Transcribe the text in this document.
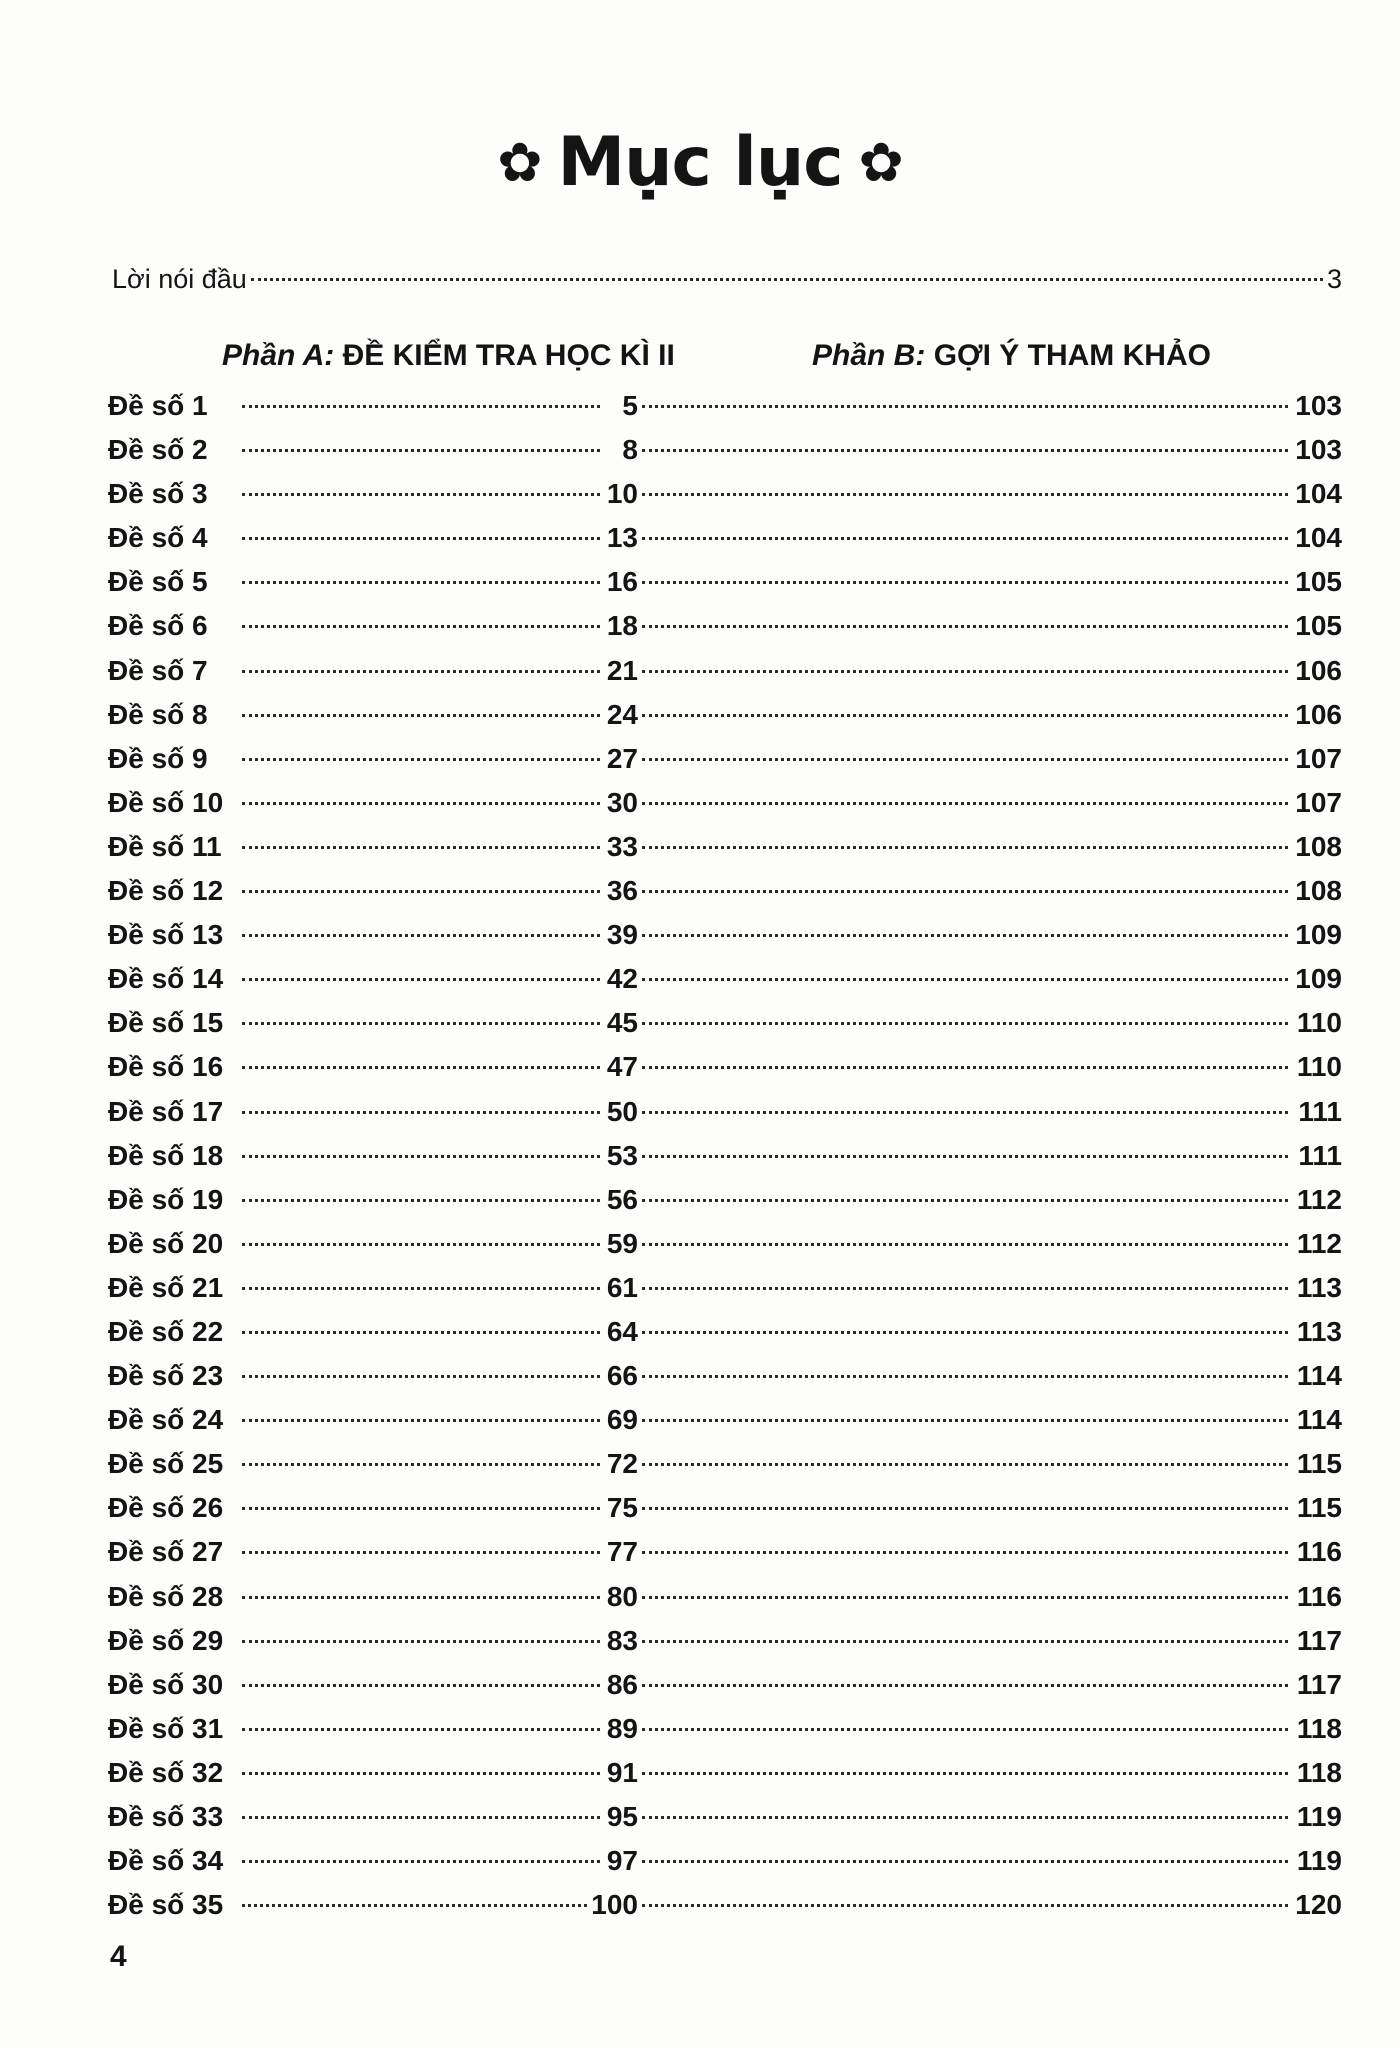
✿ Mục lục ✿
Lời nói đầu	3
Phần A: ĐỀ KIỂM TRA HỌC KÌ II	Phần B: GỢI Ý THAM KHẢO
Đề số 1	5	103
Đề số 2	8	103
Đề số 3	10	104
Đề số 4	13	104
Đề số 5	16	105
Đề số 6	18	105
Đề số 7	21	106
Đề số 8	24	106
Đề số 9	27	107
Đề số 10	30	107
Đề số 11	33	108
Đề số 12	36	108
Đề số 13	39	109
Đề số 14	42	109
Đề số 15	45	110
Đề số 16	47	110
Đề số 17	50	111
Đề số 18	53	111
Đề số 19	56	112
Đề số 20	59	112
Đề số 21	61	113
Đề số 22	64	113
Đề số 23	66	114
Đề số 24	69	114
Đề số 25	72	115
Đề số 26	75	115
Đề số 27	77	116
Đề số 28	80	116
Đề số 29	83	117
Đề số 30	86	117
Đề số 31	89	118
Đề số 32	91	118
Đề số 33	95	119
Đề số 34	97	119
Đề số 35	100	120
4
